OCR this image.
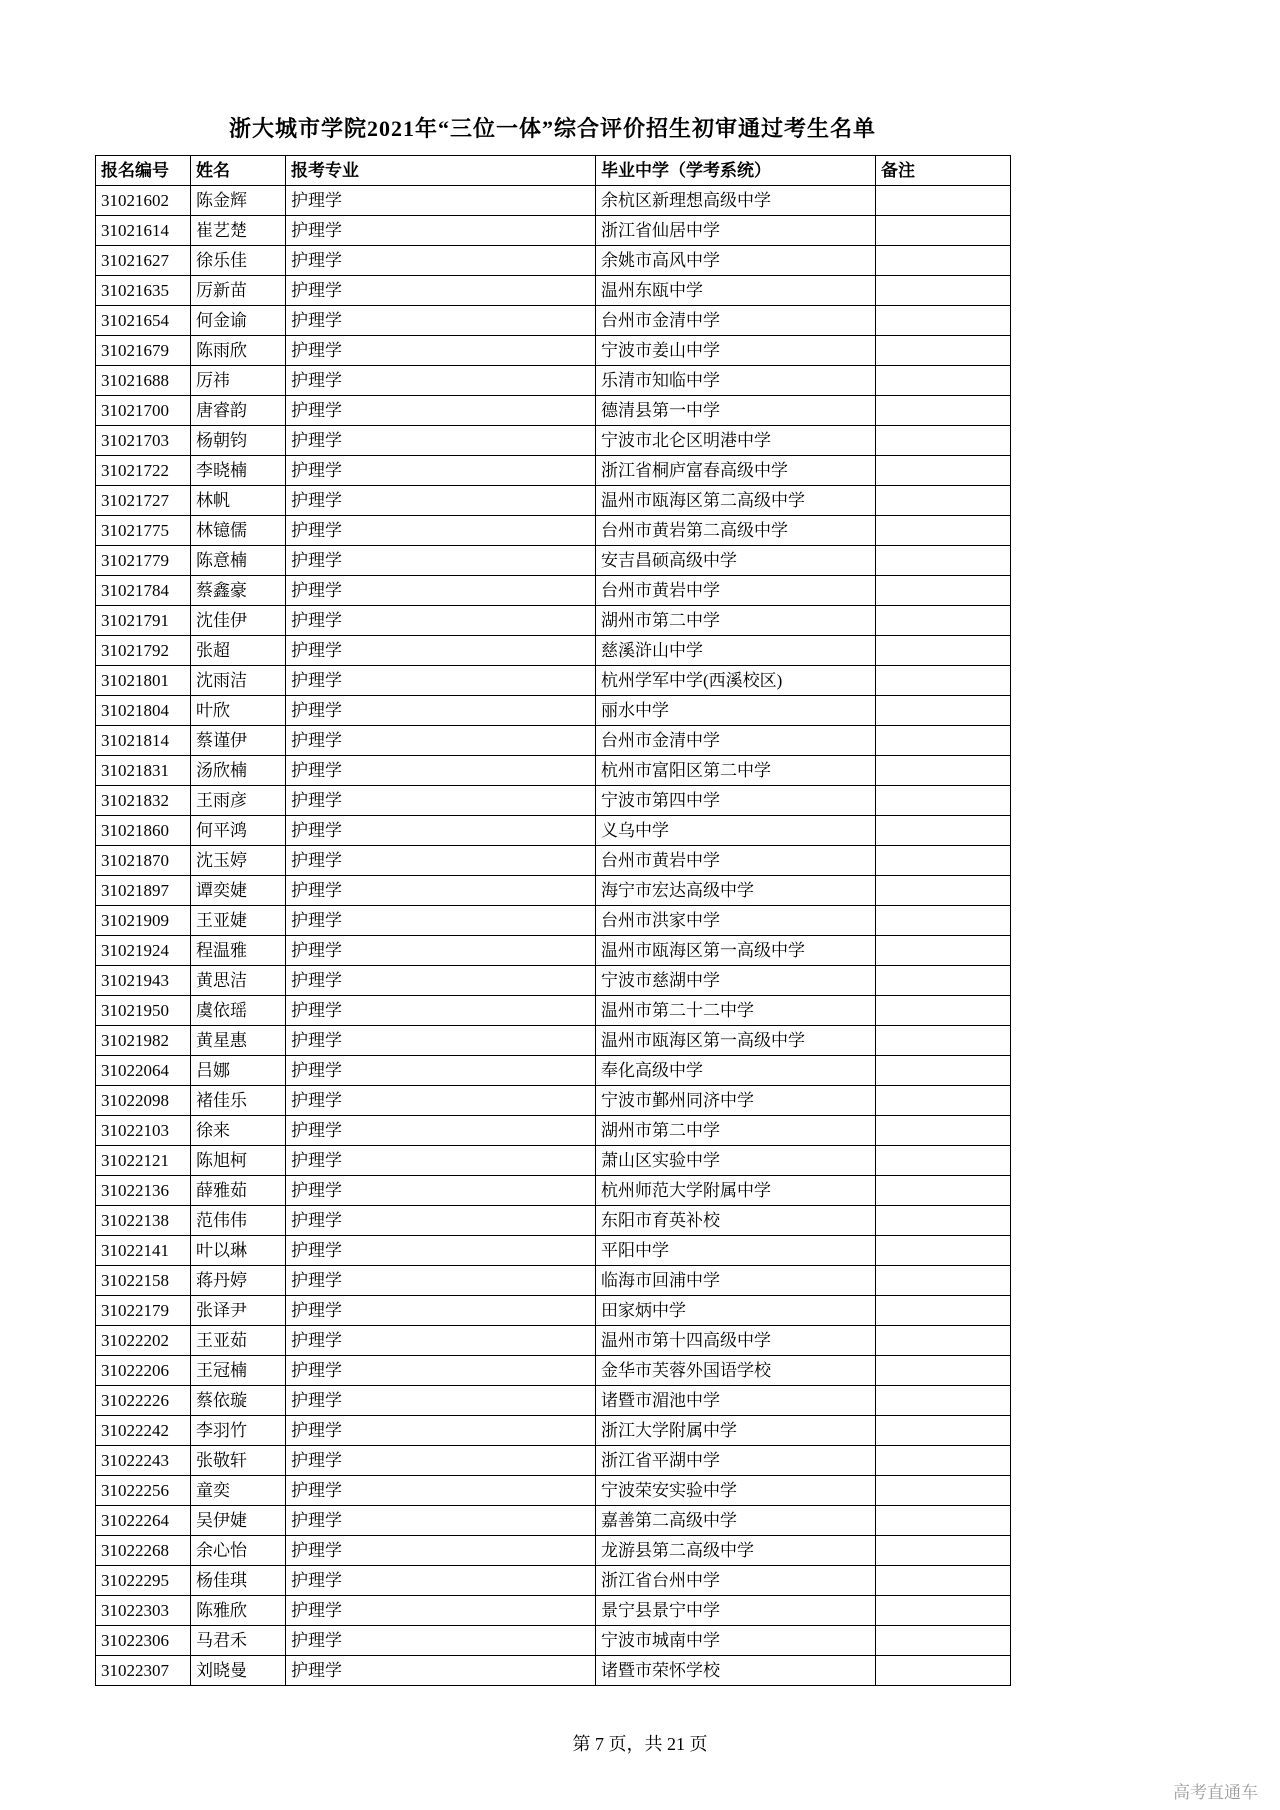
浙大城市学院2021年“三位一体”综合评价招生初审通过考生名单
报名编号	姓名	报考专业	毕业中学（学考系统）	备注
31021602	陈金辉	护理学	余杭区新理想高级中学	
31021614	崔艺楚	护理学	浙江省仙居中学	
31021627	徐乐佳	护理学	余姚市高风中学	
31021635	厉新苗	护理学	温州东瓯中学	
31021654	何金谕	护理学	台州市金清中学	
31021679	陈雨欣	护理学	宁波市姜山中学	
31021688	厉祎	护理学	乐清市知临中学	
31021700	唐睿韵	护理学	德清县第一中学	
31021703	杨朝钧	护理学	宁波市北仑区明港中学	
31021722	李晓楠	护理学	浙江省桐庐富春高级中学	
31021727	林帆	护理学	温州市瓯海区第二高级中学	
31021775	林镱儒	护理学	台州市黄岩第二高级中学	
31021779	陈意楠	护理学	安吉昌硕高级中学	
31021784	蔡鑫豪	护理学	台州市黄岩中学	
31021791	沈佳伊	护理学	湖州市第二中学	
31021792	张超	护理学	慈溪浒山中学	
31021801	沈雨洁	护理学	杭州学军中学(西溪校区)	
31021804	叶欣	护理学	丽水中学	
31021814	蔡谨伊	护理学	台州市金清中学	
31021831	汤欣楠	护理学	杭州市富阳区第二中学	
31021832	王雨彦	护理学	宁波市第四中学	
31021860	何平鸿	护理学	义乌中学	
31021870	沈玉婷	护理学	台州市黄岩中学	
31021897	谭奕婕	护理学	海宁市宏达高级中学	
31021909	王亚婕	护理学	台州市洪家中学	
31021924	程温雅	护理学	温州市瓯海区第一高级中学	
31021943	黄思洁	护理学	宁波市慈湖中学	
31021950	虞依瑶	护理学	温州市第二十二中学	
31021982	黄星惠	护理学	温州市瓯海区第一高级中学	
31022064	吕娜	护理学	奉化高级中学	
31022098	褚佳乐	护理学	宁波市鄞州同济中学	
31022103	徐来	护理学	湖州市第二中学	
31022121	陈旭柯	护理学	萧山区实验中学	
31022136	薛雅茹	护理学	杭州师范大学附属中学	
31022138	范伟伟	护理学	东阳市育英补校	
31022141	叶以琳	护理学	平阳中学	
31022158	蒋丹婷	护理学	临海市回浦中学	
31022179	张译尹	护理学	田家炳中学	
31022202	王亚茹	护理学	温州市第十四高级中学	
31022206	王冠楠	护理学	金华市芙蓉外国语学校	
31022226	蔡依璇	护理学	诸暨市湄池中学	
31022242	李羽竹	护理学	浙江大学附属中学	
31022243	张敬轩	护理学	浙江省平湖中学	
31022256	童奕	护理学	宁波荣安实验中学	
31022264	吴伊婕	护理学	嘉善第二高级中学	
31022268	余心怡	护理学	龙游县第二高级中学	
31022295	杨佳琪	护理学	浙江省台州中学	
31022303	陈雅欣	护理学	景宁县景宁中学	
31022306	马君禾	护理学	宁波市城南中学	
31022307	刘晓曼	护理学	诸暨市荣怀学校	
第 7 页，共 21 页
高考直通车
